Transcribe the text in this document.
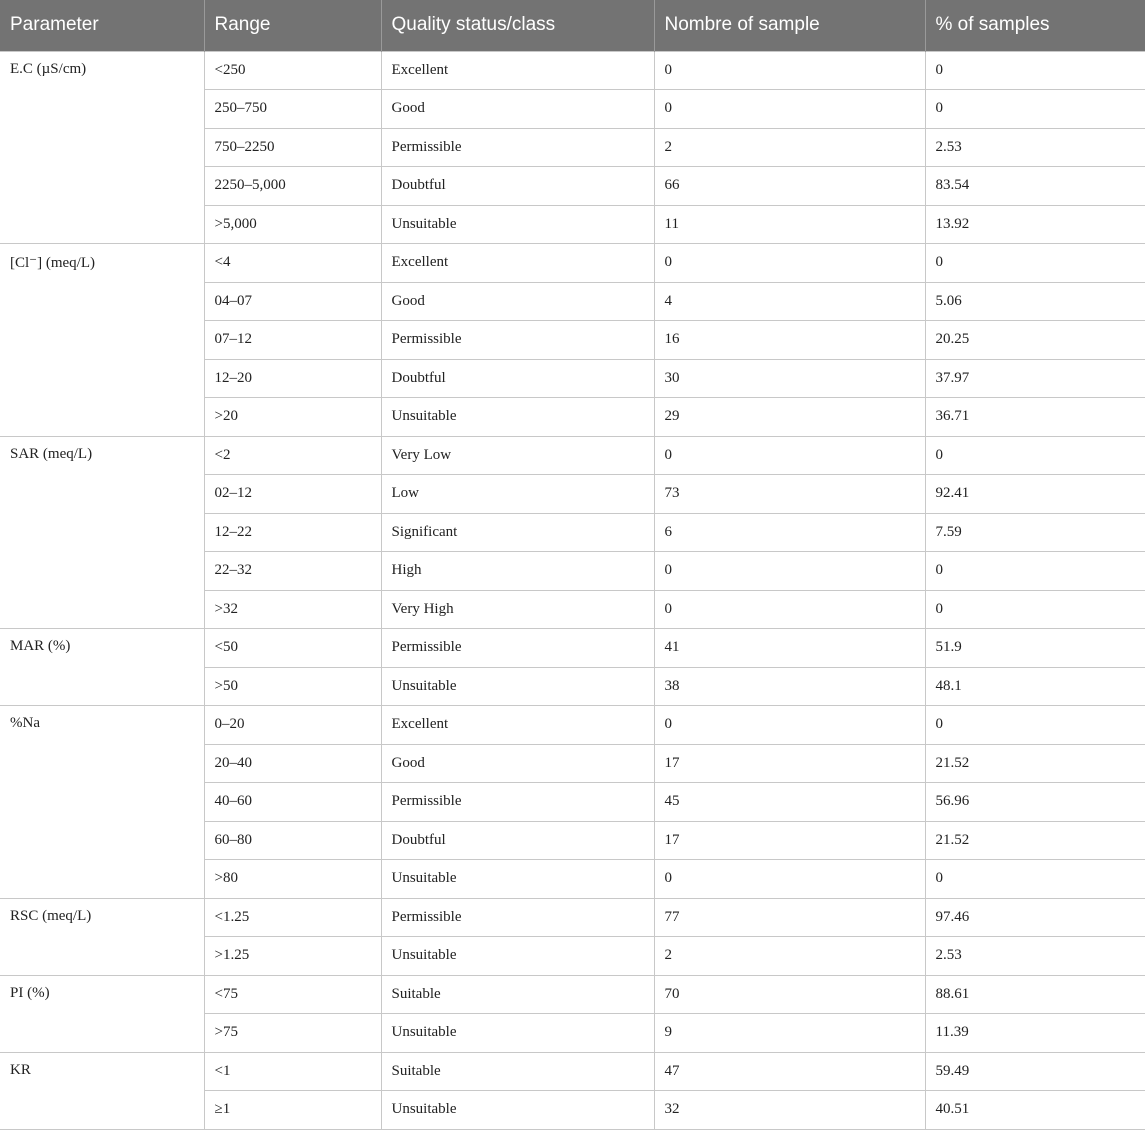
Parameter	Range	Quality status/class	Nombre of sample	% of samples
E.C (µS/cm)	<250	Excellent	0	0
	250–750	Good	0	0
	750–2250	Permissible	2	2.53
	2250–5,000	Doubtful	66	83.54
	>5,000	Unsuitable	11	13.92
[Cl⁻] (meq/L)	<4	Excellent	0	0
	04–07	Good	4	5.06
	07–12	Permissible	16	20.25
	12–20	Doubtful	30	37.97
	>20	Unsuitable	29	36.71
SAR (meq/L)	<2	Very Low	0	0
	02–12	Low	73	92.41
	12–22	Significant	6	7.59
	22–32	High	0	0
	>32	Very High	0	0
MAR (%)	<50	Permissible	41	51.9
	>50	Unsuitable	38	48.1
%Na	0–20	Excellent	0	0
	20–40	Good	17	21.52
	40–60	Permissible	45	56.96
	60–80	Doubtful	17	21.52
	>80	Unsuitable	0	0
RSC (meq/L)	<1.25	Permissible	77	97.46
	>1.25	Unsuitable	2	2.53
PI (%)	<75	Suitable	70	88.61
	>75	Unsuitable	9	11.39
KR	<1	Suitable	47	59.49
	≥1	Unsuitable	32	40.51
